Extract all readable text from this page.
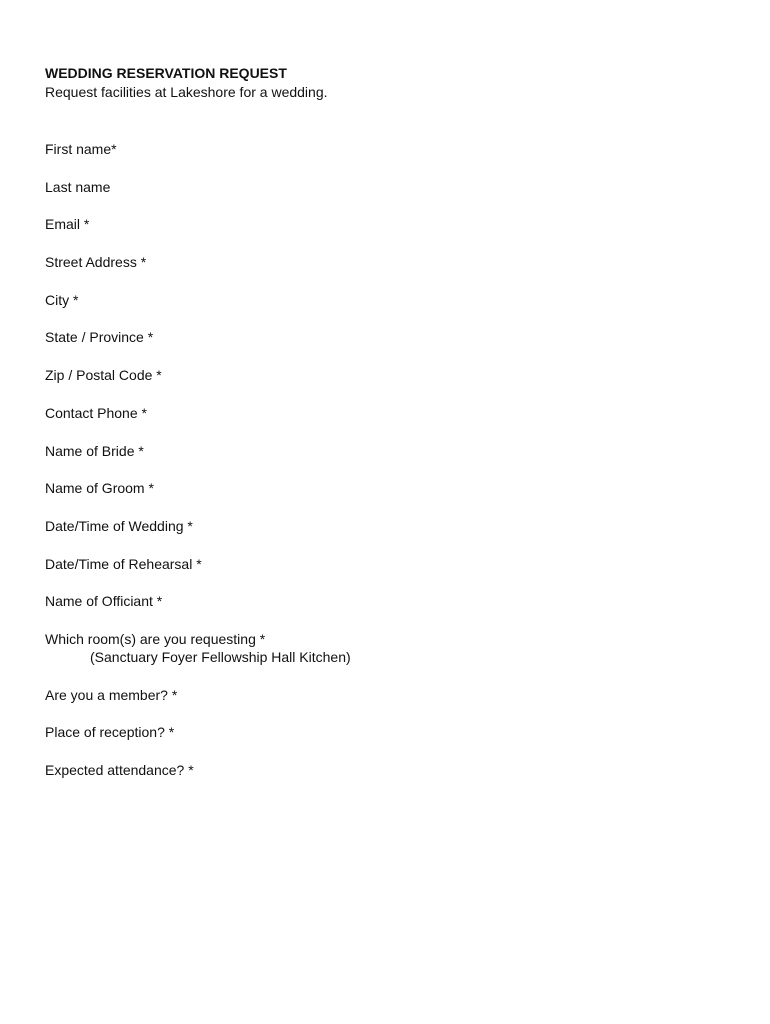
WEDDING RESERVATION REQUEST
Request facilities at Lakeshore for a wedding.
First name*
Last name
Email *
Street Address *
City *
State / Province *
Zip / Postal Code *
Contact Phone *
Name of Bride *
Name of Groom *
Date/Time of Wedding *
Date/Time of Rehearsal *
Name of Officiant *
Which room(s) are you requesting *
(Sanctuary Foyer Fellowship Hall Kitchen)
Are you a member? *
Place of reception? *
Expected attendance? *
